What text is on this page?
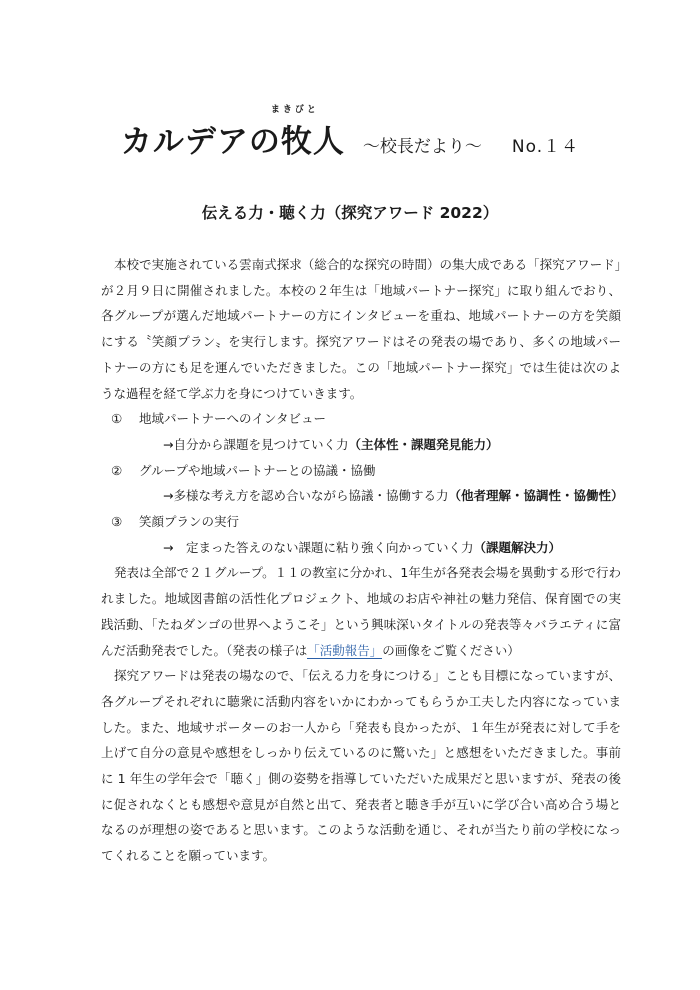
まきびと
カルデアの牧人 ～校長だより～ No.１４
伝える力・聴く力（探究アワード 2022）

本校で実施されている雲南式探求（総合的な探究の時間）の集大成である「探究アワード」が２月９日に開催されました。本校の２年生は「地域パートナー探究」に取り組んでおり、各グループが選んだ地域パートナーの方にインタビューを重ね、地域パートナーの方を笑顔にする〝笑顔プラン〟を実行します。探究アワードはその発表の場であり、多くの地域パートナーの方にも足を運んでいただきました。この「地域パートナー探究」では生徒は次のような過程を経て学ぶ力を身につけていきます。

① 地域パートナーへのインタビュー

→自分から課題を見つけていく力（主体性・課題発見能力）

② グループや地域パートナーとの協議・協働

→多様な考え方を認め合いながら協議・協働する力（他者理解・協調性・協働性）

③ 笑顔プランの実行

→　定まった答えのない課題に粘り強く向かっていく力（課題解決力）

発表は全部で２１グループ。１１の教室に分かれ、1年生が各発表会場を異動する形で行われました。地域図書館の活性化プロジェクト、地域のお店や神社の魅力発信、保育園での実践活動、「たねダンゴの世界へようこそ」という興味深いタイトルの発表等々バラエティに富んだ活動発表でした。（発表の様子は「活動報告」の画像をご覧ください）

探究アワードは発表の場なので、「伝える力を身につける」ことも目標になっていますが、各グループそれぞれに聴衆に活動内容をいかにわかってもらうか工夫した内容になっていました。また、地域サポーターのお一人から「発表も良かったが、１年生が発表に対して手を上げて自分の意見や感想をしっかり伝えているのに驚いた」と感想をいただきました。事前に 1 年生の学年会で「聴く」側の姿勢を指導していただいた成果だと思いますが、発表の後に促されなくとも感想や意見が自然と出て、発表者と聴き手が互いに学び合い高め合う場となるのが理想の姿であると思います。このような活動を通じ、それが当たり前の学校になってくれることを願っています。
